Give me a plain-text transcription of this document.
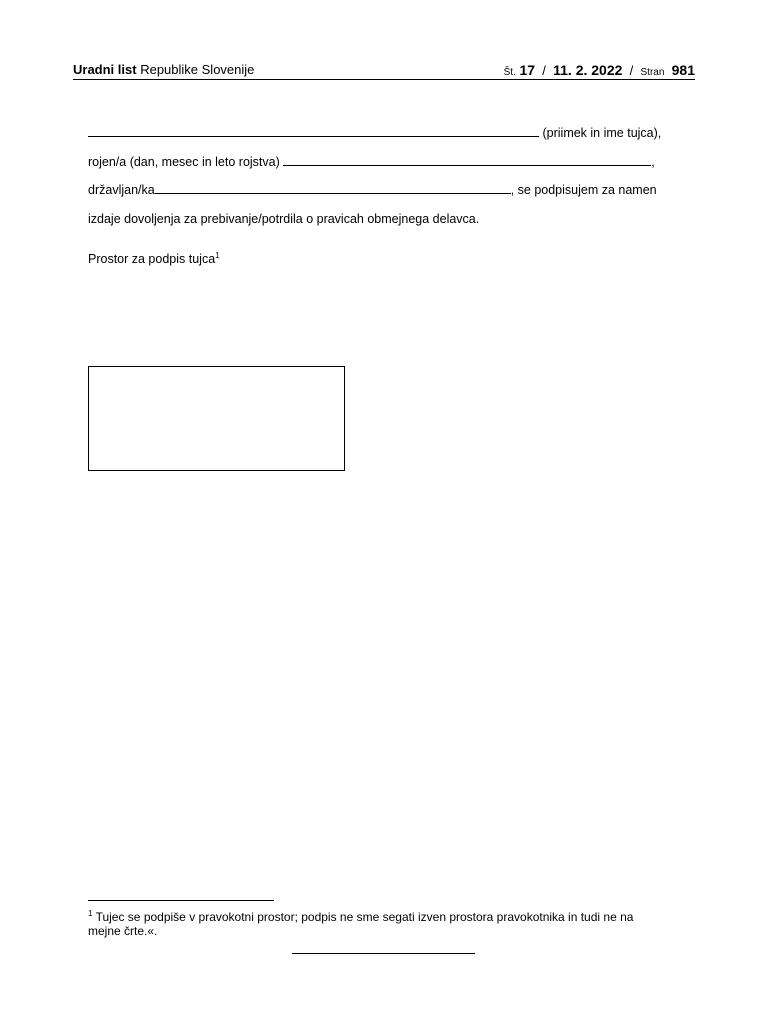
Uradni list Republike Slovenije	Št. 17 / 11. 2. 2022 / Stran 981
(priimek in ime tujca),
rojen/a (dan, mesec in leto rojstva)	,
državljan/ka	, se podpisujem za namen
izdaje dovoljenja za prebivanje/potrdila o pravicah obmejnega delavca.
Prostor za podpis tujca$^1$
$^1$ Tujec se podpiše v pravokotni prostor; podpis ne sme segati izven prostora pravokotnika in tudi ne na mejne črte.«.
